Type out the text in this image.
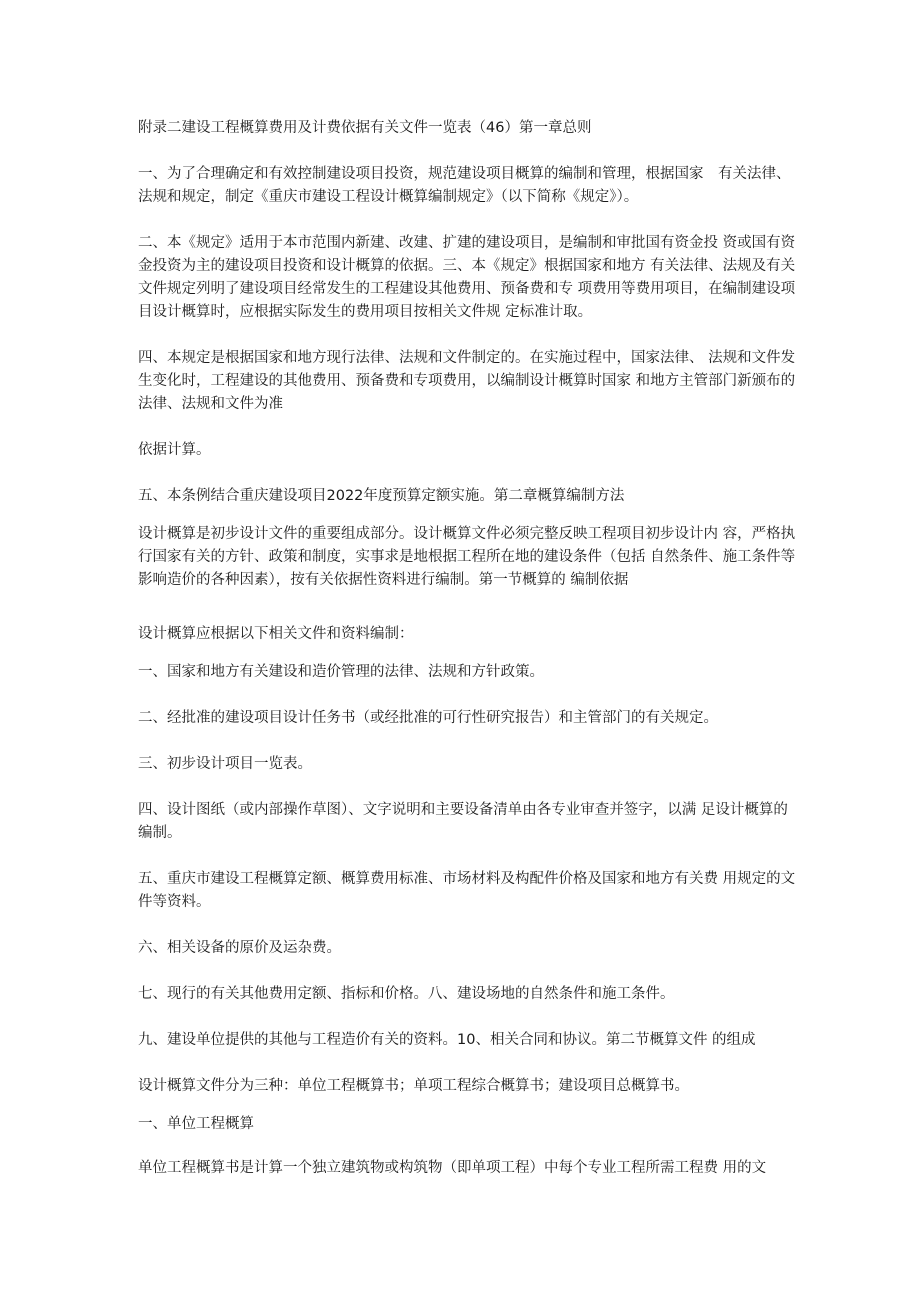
附录二建设工程概算费用及计费依据有关文件一览表（46）第一章总则

一、为了合理确定和有效控制建设项目投资，规范建设项目概算的编制和管理，根据国家　有关法律、法规和规定，制定《重庆市建设工程设计概算编制规定》（以下简称《规定》）。

二、本《规定》适用于本市范围内新建、改建、扩建的建设项目，是编制和审批国有资金投 资或国有资金投资为主的建设项目投资和设计概算的依据。三、本《规定》根据国家和地方 有关法律、法规及有关文件规定列明了建设项目经常发生的工程建设其他费用、预备费和专 项费用等费用项目，在编制建设项目设计概算时，应根据实际发生的费用项目按相关文件规 定标准计取。

四、本规定是根据国家和地方现行法律、法规和文件制定的。在实施过程中，国家法律、 法规和文件发生变化时，工程建设的其他费用、预备费和专项费用，以编制设计概算时国家 和地方主管部门新颁布的法律、法规和文件为准

依据计算。

五、本条例结合重庆建设项目2022年度预算定额实施。第二章概算编制方法

设计概算是初步设计文件的重要组成部分。设计概算文件必须完整反映工程项目初步设计内 容，严格执行国家有关的方针、政策和制度，实事求是地根据工程所在地的建设条件（包括 自然条件、施工条件等影响造价的各种因素），按有关依据性资料进行编制。第一节概算的 编制依据

设计概算应根据以下相关文件和资料编制：

一、国家和地方有关建设和造价管理的法律、法规和方针政策。

二、经批准的建设项目设计任务书（或经批准的可行性研究报告）和主管部门的有关规定。

三、初步设计项目一览表。

四、设计图纸（或内部操作草图）、文字说明和主要设备清单由各专业审查并签字，以满 足设计概算的编制。

五、重庆市建设工程概算定额、概算费用标准、市场材料及构配件价格及国家和地方有关费 用规定的文件等资料。

六、相关设备的原价及运杂费。

七、现行的有关其他费用定额、指标和价格。八、建设场地的自然条件和施工条件。

九、建设单位提供的其他与工程造价有关的资料。10、相关合同和协议。第二节概算文件 的组成

设计概算文件分为三种：单位工程概算书；单项工程综合概算书；建设项目总概算书。

一、单位工程概算

单位工程概算书是计算一个独立建筑物或构筑物（即单项工程）中每个专业工程所需工程费 用的文
